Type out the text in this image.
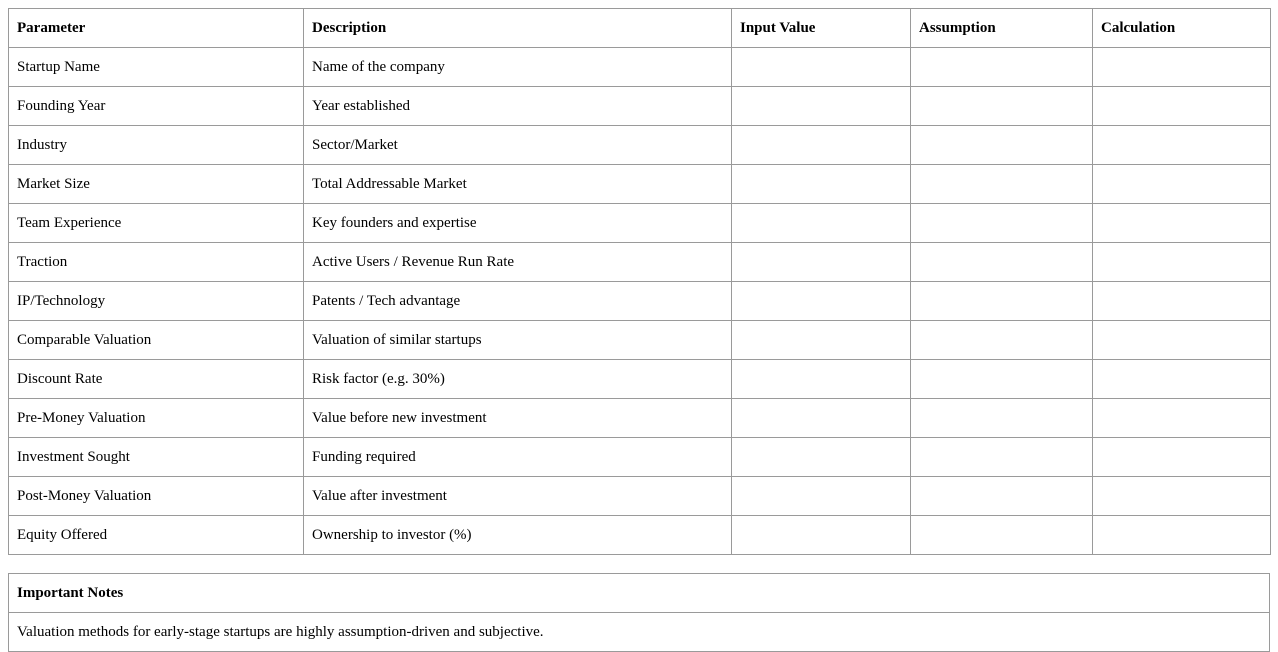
Parameter	Description	Input Value	Assumption	Calculation
Startup Name	Name of the company			
Founding Year	Year established			
Industry	Sector/Market			
Market Size	Total Addressable Market			
Team Experience	Key founders and expertise			
Traction	Active Users / Revenue Run Rate			
IP/Technology	Patents / Tech advantage			
Comparable Valuation	Valuation of similar startups			
Discount Rate	Risk factor (e.g. 30%)			
Pre-Money Valuation	Value before new investment			
Investment Sought	Funding required			
Post-Money Valuation	Value after investment			
Equity Offered	Ownership to investor (%)			
Important Notes
Valuation methods for early-stage startups are highly assumption-driven and subjective.
